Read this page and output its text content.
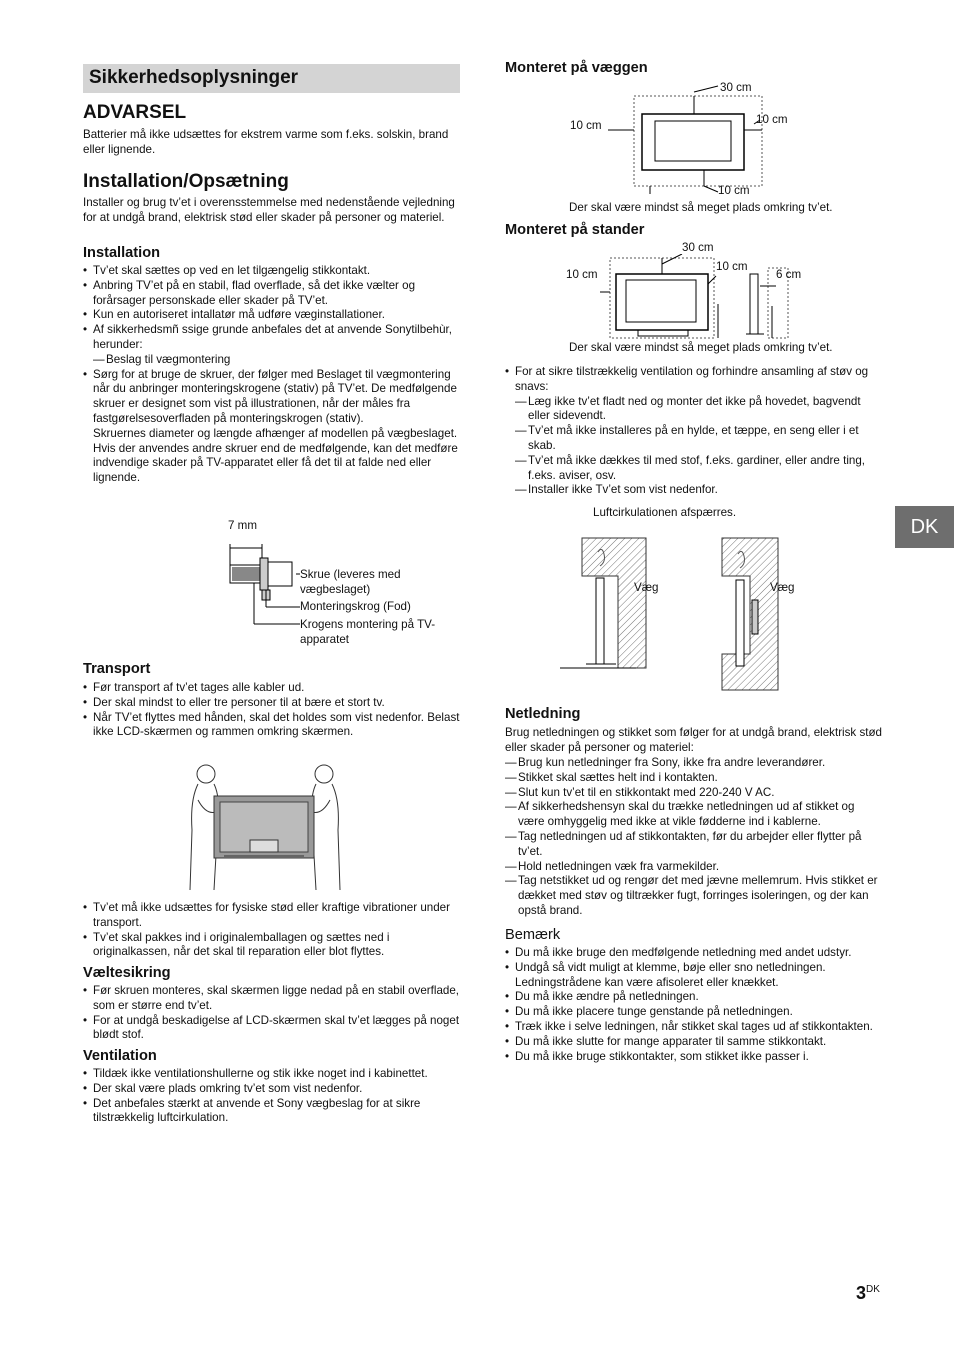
Sikkerhedsoplysninger
ADVARSEL

Batterier må ikke udsættes for ekstrem varme som f.eks. solskin, brand eller lignende.

Installation/Opsætning

Installer og brug tv’et i overensstemmelse med nedenstående vejledning for at undgå brand, elektrisk stød eller skader på personer og materiel.

Installation
• Tv’et skal sættes op ved en let tilgængelig stikkontakt.
• Anbring TV’et på en stabil, flad overflade, så det ikke vælter og forårsager personskade eller skader på TV’et.
• Kun en autoriseret intallatør må udføre væginstallationer.
• Af sikkerhedsmñ ssige grunde anbefales det at anvende Sonytilbehùr, herunder:
— Beslag til vægmontering
• Sørg for at bruge de skruer, der følger med Beslaget til vægmontering når du anbringer monteringskrogene (stativ) på TV’et. De medfølgende skruer er designet som vist på illustrationen, når der måles fra fastgørelsesoverfladen på monteringskrogen (stativ).
Skruernes diameter og længde afhænger af modellen på vægbeslaget.
Hvis der anvendes andre skruer end de medfølgende, kan det medføre indvendige skader på TV-apparatet eller få det til at falde ned eller lignende.
7 mm
Skrue (leveres med vægbeslaget)
Monteringskrog (Fod)
Krogens montering på TV-apparatet
Transport
• Før transport af tv’et tages alle kabler ud.
• Der skal mindst to eller tre personer til at bære et stort tv.
• Når TV’et flyttes med hånden, skal det holdes som vist nedenfor. Belast ikke LCD-skærmen og rammen omkring skærmen.
• Tv’et må ikke udsættes for fysiske stød eller kraftige vibrationer under transport.
• Tv’et skal pakkes ind i originalemballagen og sættes ned i originalkassen, når det skal til reparation eller blot flyttes.
Væltesikring
• Før skruen monteres, skal skærmen ligge nedad på en stabil overflade, som er større end tv’et.
• For at undgå beskadigelse af LCD-skærmen skal tv’et lægges på noget blødt stof.
Ventilation
• Tildæk ikke ventilationshullerne og stik ikke noget ind i kabinettet.
• Der skal være plads omkring tv’et som vist nedenfor.
• Det anbefales stærkt at anvende et Sony vægbeslag for at sikre tilstrækkelig luftcirkulation.
Monteret på væggen
30 cm
10 cm	10 cm
10 cm
Der skal være mindst så meget plads omkring tv’et.
Monteret på stander
30 cm
10 cm
10 cm
6 cm
Der skal være mindst så meget plads omkring tv’et.
• For at sikre tilstrækkelig ventilation og forhindre ansamling af støv og snavs:
— Læg ikke tv’et fladt ned og monter det ikke på hovedet, bagvendt eller sidevendt.
— Tv’et må ikke installeres på en hylde, et tæppe, en seng eller i et skab.
— Tv’et må ikke dækkes til med stof, f.eks. gardiner, eller andre ting, f.eks. aviser, osv.
— Installer ikke Tv’et som vist nedenfor.
Luftcirkulationen afspærres.
Væg	Væg
Netledning

Brug netledningen og stikket som følger for at undgå brand, elektrisk stød eller skader på personer og materiel:

— Brug kun netledninger fra Sony, ikke fra andre leverandører.
— Stikket skal sættes helt ind i kontakten.
— Slut kun tv’et til en stikkontakt med 220-240 V AC.
— Af sikkerhedshensyn skal du trække netledningen ud af stikket og være omhyggelig med ikke at vikle fødderne ind i kablerne.
— Tag netledningen ud af stikkontakten, før du arbejder eller flytter på tv’et.
— Hold netledningen væk fra varmekilder.
— Tag netstikket ud og rengør det med jævne mellemrum. Hvis stikket er dækket med støv og tiltrækker fugt, forringes isoleringen, og der kan opstå brand.
Bemærk
• Du må ikke bruge den medfølgende netledning med andet udstyr.
• Undgå så vidt muligt at klemme, bøje eller sno netledningen. Ledningstrådene kan være afisoleret eller knækket.
• Du må ikke ændre på netledningen.
• Du må ikke placere tunge genstande på netledningen.
• Træk ikke i selve ledningen, når stikket skal tages ud af stikkontakten.
• Du må ikke slutte for mange apparater til samme stikkontakt.
• Du må ikke bruge stikkontakter, som stikket ikke passer i.
DK
$3^{DK}$
